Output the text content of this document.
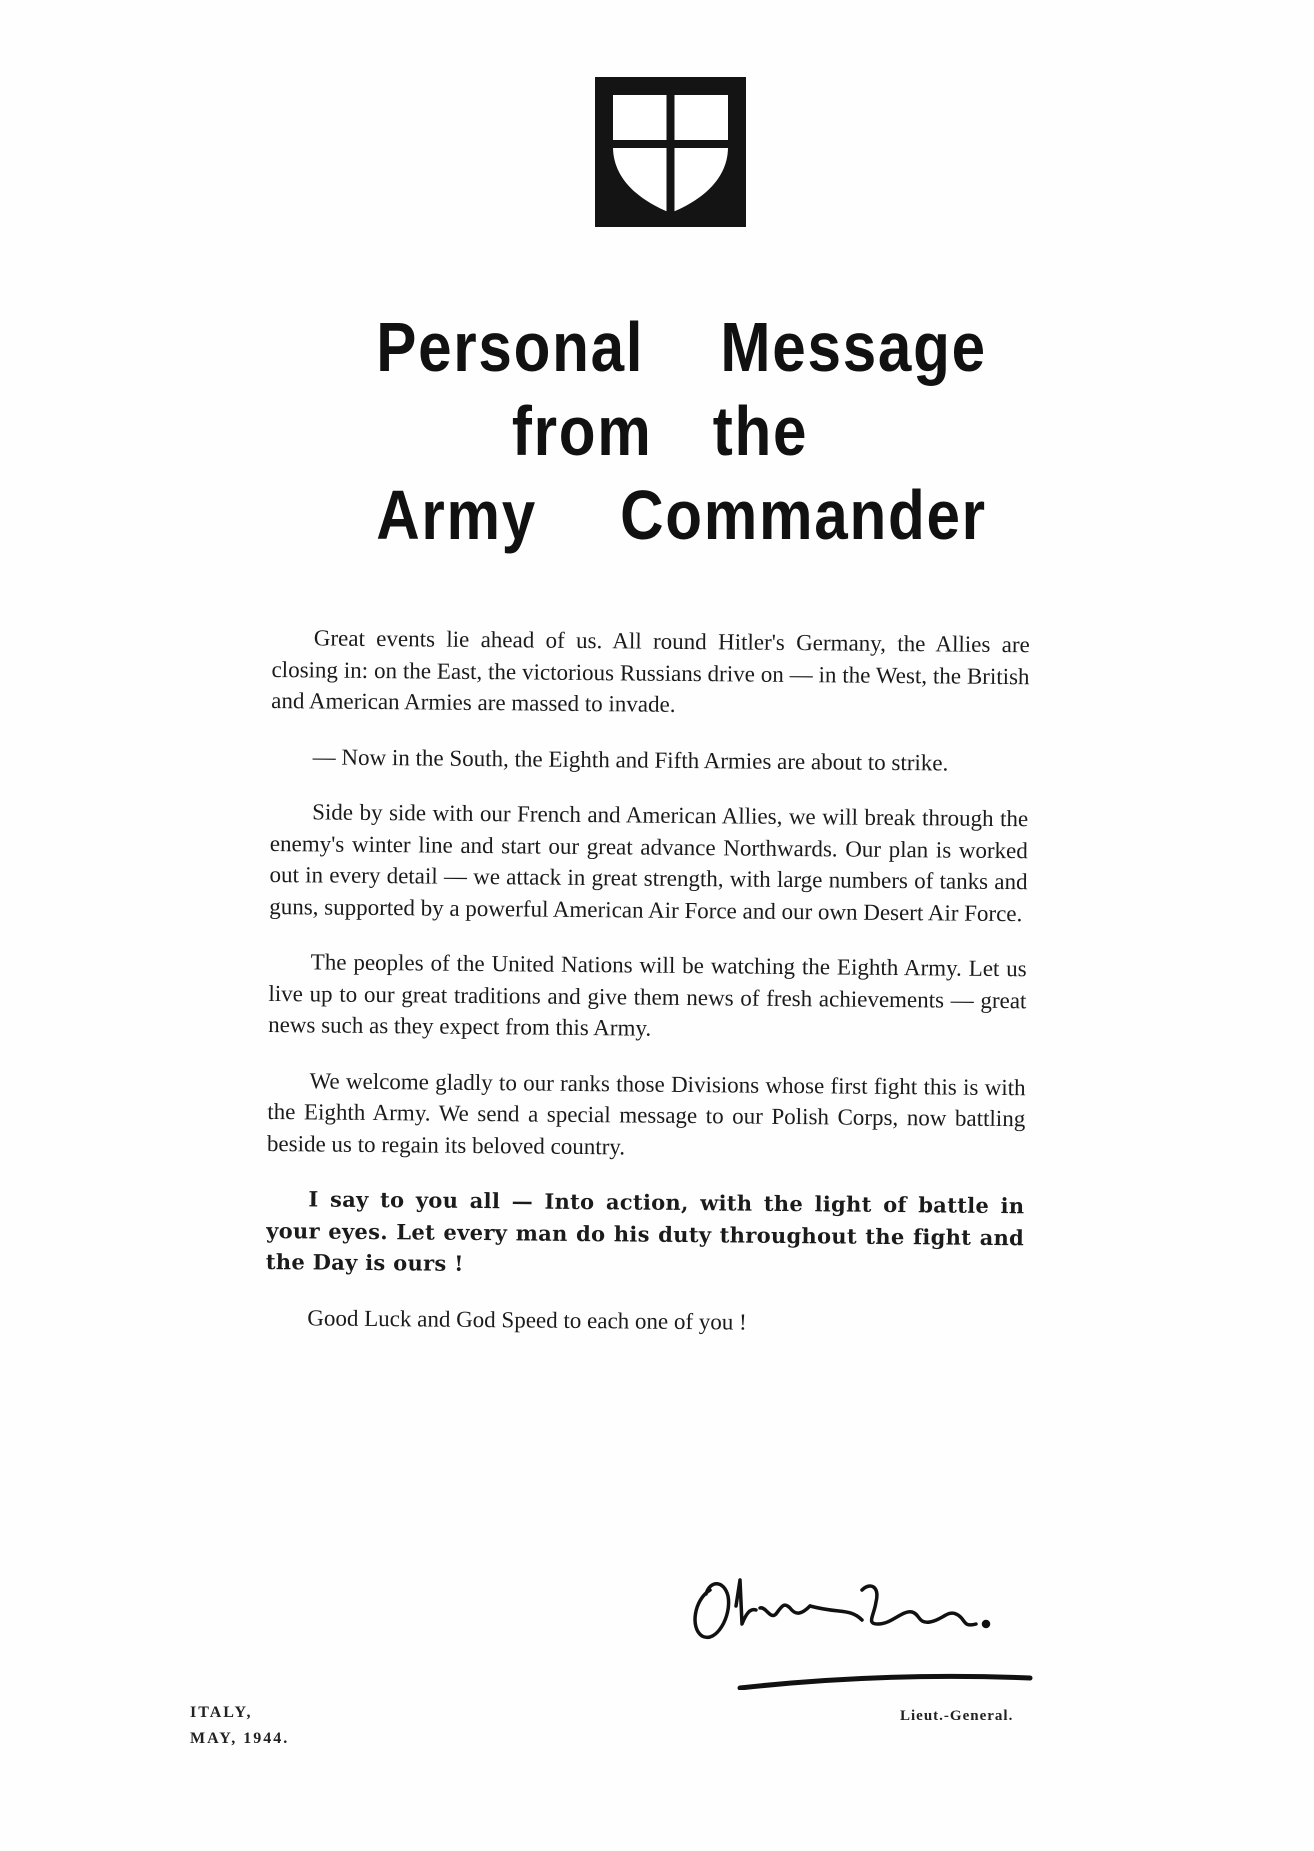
Personal Message
from the
Army Commander

Great events lie ahead of us. All round Hitler's Germany, the Allies are closing in: on the East, the victorious Russians drive on — in the West, the British and American Armies are massed to invade.

— Now in the South, the Eighth and Fifth Armies are about to strike.

Side by side with our French and American Allies, we will break through the enemy's winter line and start our great advance Northwards. Our plan is worked out in every detail — we attack in great strength, with large numbers of tanks and guns, supported by a powerful American Air Force and our own Desert Air Force.

The peoples of the United Nations will be watching the Eighth Army. Let us live up to our great traditions and give them news of fresh achievements — great news such as they expect from this Army.

We welcome gladly to our ranks those Divisions whose first fight this is with the Eighth Army. We send a special message to our Polish Corps, now battling beside us to regain its beloved country.

I say to you all — Into action, with the light of battle in your eyes. Let every man do his duty throughout the fight and the Day is ours !

Good Luck and God Speed to each one of you !

ITALY,
MAY, 1944.
Lieut.-General.
